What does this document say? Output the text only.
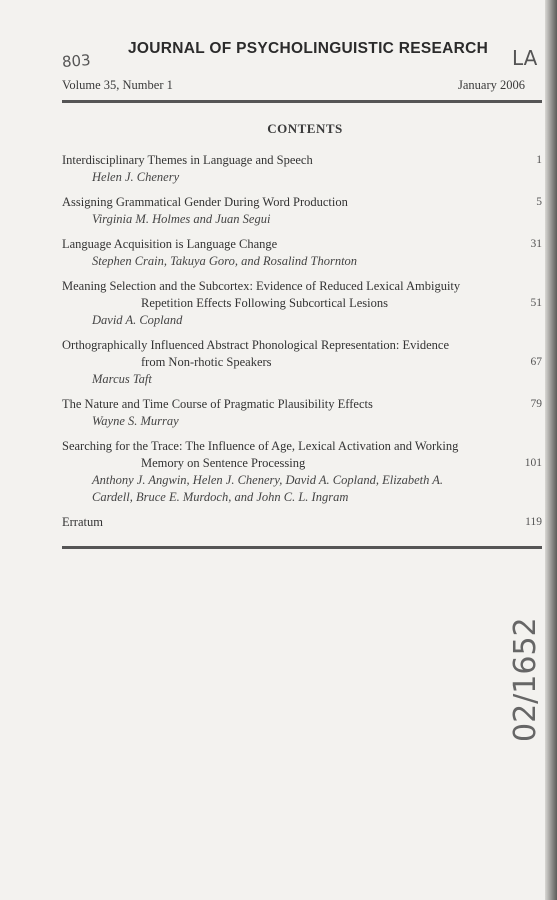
JOURNAL OF PSYCHOLINGUISTIC RESEARCH
803	LA
Volume 35, Number 1	January 2006
CONTENTS
Interdisciplinary Themes in Language and Speech
Helen J. Chenery
1
Assigning Grammatical Gender During Word Production
Virginia M. Holmes and Juan Segui
5
Language Acquisition is Language Change
Stephen Crain, Takuya Goro, and Rosalind Thornton
31
Meaning Selection and the Subcortex: Evidence of Reduced Lexical Ambiguity
Repetition Effects Following Subcortical Lesions
David A. Copland
51
Orthographically Influenced Abstract Phonological Representation: Evidence
from Non-rhotic Speakers
Marcus Taft
67
The Nature and Time Course of Pragmatic Plausibility Effects
Wayne S. Murray
79
Searching for the Trace: The Influence of Age, Lexical Activation and Working
Memory on Sentence Processing
Anthony J. Angwin, Helen J. Chenery, David A. Copland, Elizabeth A.
Cardell, Bruce E. Murdoch, and John C. L. Ingram
101
Erratum	119
02/1652
